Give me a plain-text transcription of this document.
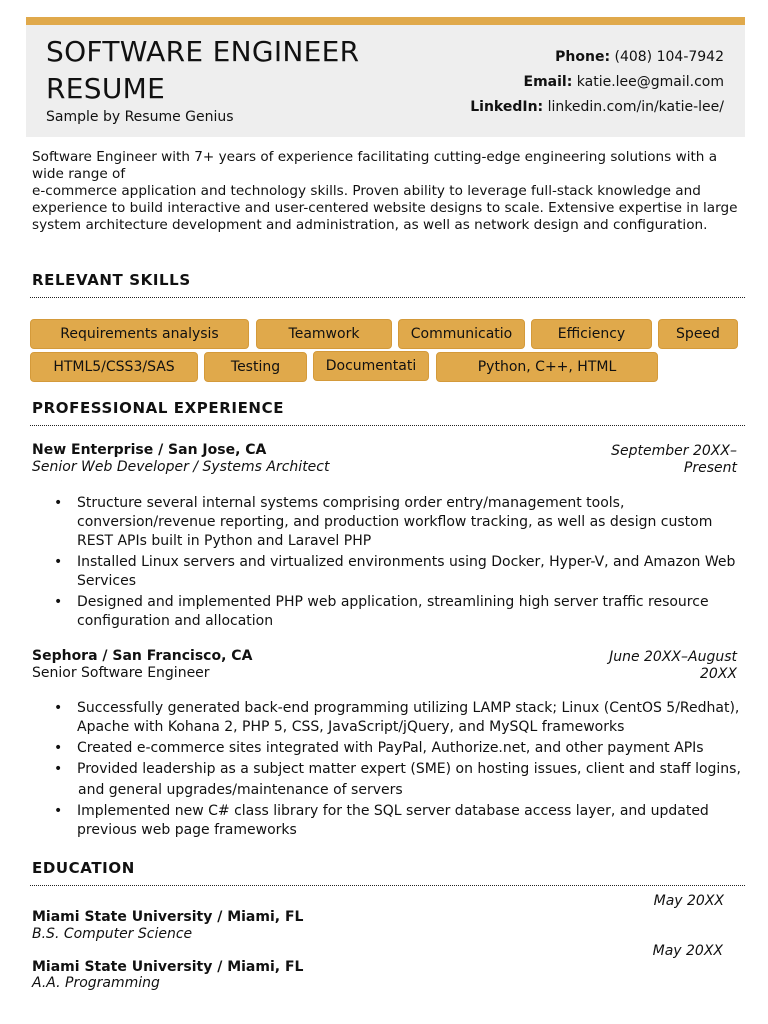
SOFTWARE ENGINEER RESUME
Sample by Resume Genius
Phone: (408) 104-7942
Email: katie.lee@gmail.com
LinkedIn: linkedin.com/in/katie-lee/
Software Engineer with 7+ years of experience facilitating cutting-edge engineering solutions with a wide range of
e-commerce application and technology skills. Proven ability to leverage full-stack knowledge and experience to build interactive and user-centered website designs to scale. Extensive expertise in large system architecture development and administration, as well as network design and configuration.
RELEVANT SKILLS
Requirements analysis	Teamwork	Communicatio	Efficiency	Speed
HTML5/CSS3/SAS	Testing	Documentati	Python, C++, HTML
PROFESSIONAL EXPERIENCE
New Enterprise / San Jose, CA
Senior Web Developer / Systems Architect
September 20XX–
Present
• Structure several internal systems comprising order entry/management tools, conversion/revenue reporting, and production workflow tracking, as well as design custom REST APIs built in Python and Laravel PHP
• Installed Linux servers and virtualized environments using Docker, Hyper-V, and Amazon Web Services
• Designed and implemented PHP web application, streamlining high server traffic resource configuration and allocation
Sephora / San Francisco, CA
Senior Software Engineer
June 20XX–August
20XX
• Successfully generated back-end programming utilizing LAMP stack; Linux (CentOS 5/Redhat), Apache with Kohana 2, PHP 5, CSS, JavaScript/jQuery, and MySQL frameworks
• Created e-commerce sites integrated with PayPal, Authorize.net, and other payment APIs
• Provided leadership as a subject matter expert (SME) on hosting issues, client and staff logins,
and general upgrades/maintenance of servers
• Implemented new C# class library for the SQL server database access layer, and updated previous web page frameworks
EDUCATION
May 20XX
Miami State University / Miami, FL
B.S. Computer Science
May 20XX
Miami State University / Miami, FL
A.A. Programming
